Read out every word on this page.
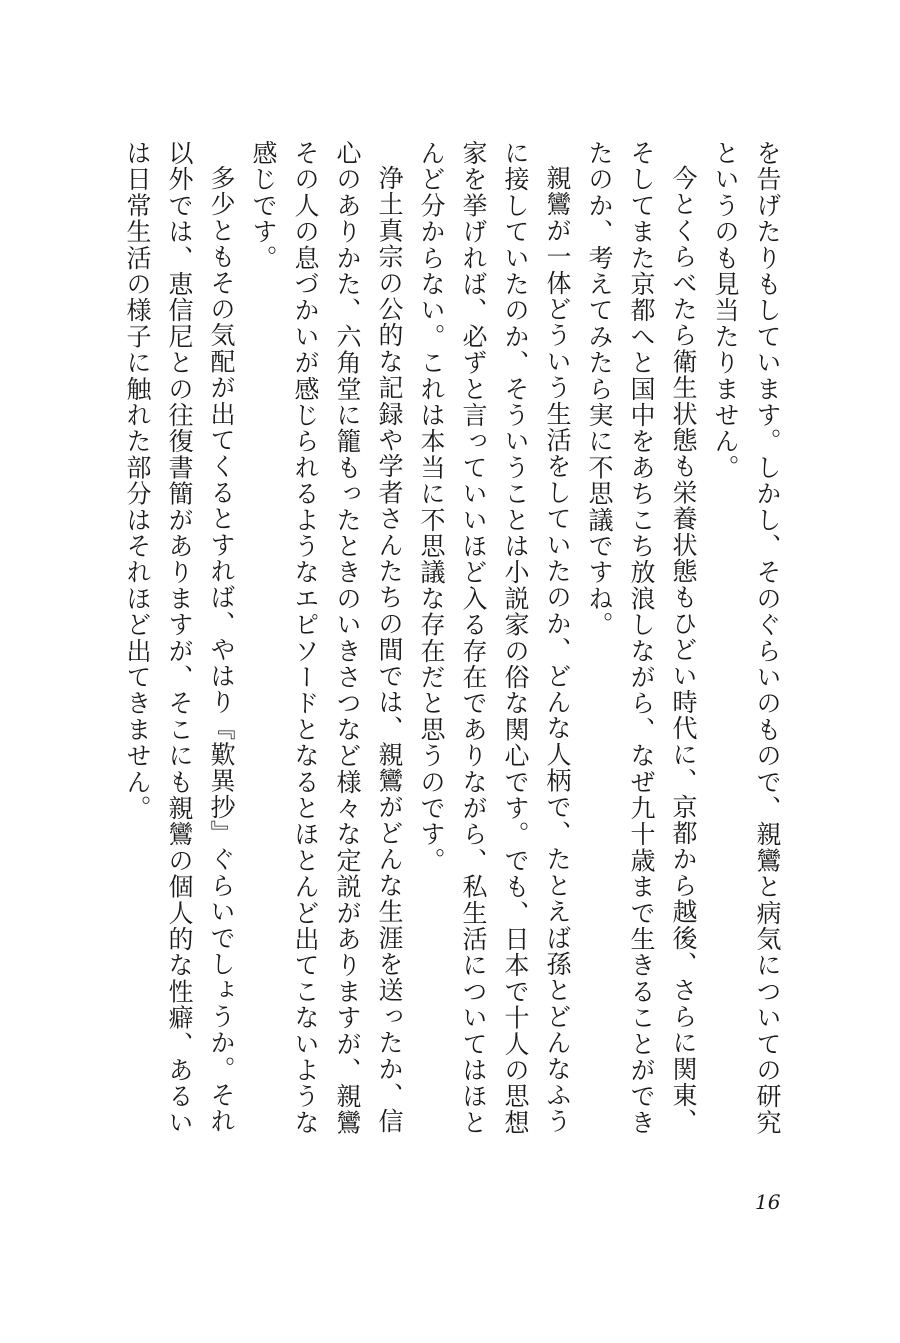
を告げたりもしています。しかし、そのぐらいのもので、親鸞と病気についての研究というのも見当たりません。

今とくらべたら衛生状態も栄養状態もひどい時代に、京都から越後、さらに関東、そしてまた京都へと国中をあちこち放浪しながら、なぜ九十歳まで生きることができたのか、考えてみたら実に不思議ですね。

親鸞が一体どういう生活をしていたのか、どんな人柄で、たとえば孫とどんなふうに接していたのか、そういうことは小説家の俗な関心です。でも、日本で十人の思想家を挙げれば、必ずと言っていいほど入る存在でありながら、私生活についてはほとんど分からない。これは本当に不思議な存在だと思うのです。

浄土真宗の公的な記録や学者さんたちの間では、親鸞がどんな生涯を送ったか、信心のありかた、六角堂に籠もったときのいきさつなど様々な定説がありますが、親鸞その人の息づかいが感じられるようなエピソードとなるとほとんど出てこないような感じです。

多少ともその気配が出てくるとすれば、やはり『歎異抄』ぐらいでしょうか。それ以外では、恵信尼との往復書簡がありますが、そこにも親鸞の個人的な性癖、あるいは日常生活の様子に触れた部分はそれほど出てきません。

16
